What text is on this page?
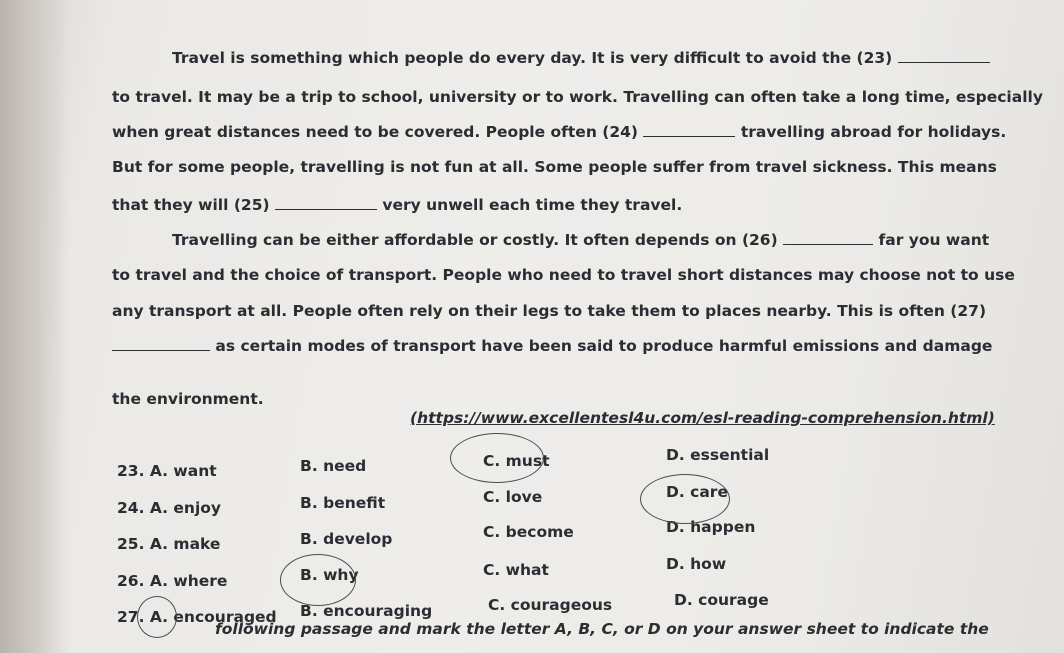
Travel is something which people do every day. It is very difficult to avoid the (23)
to travel. It may be a trip to school, university or to work. Travelling can often take a long time, especially
when great distances need to be covered. People often (24)	travelling abroad for holidays.
But for some people, travelling is not fun at all. Some people suffer from travel sickness. This means
that they will (25)	very unwell each time they travel.
Travelling can be either affordable or costly. It often depends on (26)	far you want
to travel and the choice of transport. People who need to travel short distances may choose not to use
any transport at all. People often rely on their legs to take them to places nearby. This is often (27)
as certain modes of transport have been said to produce harmful emissions and damage
the environment.
(https://www.excellentesl4u.com/esl-reading-comprehension.html)
23. A. want	B. need	C. must	D. essential
24. A. enjoy	B. benefit	C. love	D. care
25. A. make	B. develop	C. become	D. happen
26. A. where	B. why	C. what	D. how
27. A. encouraged B. encouraging	C. courageous	D. courage
following passage and mark the letter A, B, C, or D on your answer sheet to indicate the
